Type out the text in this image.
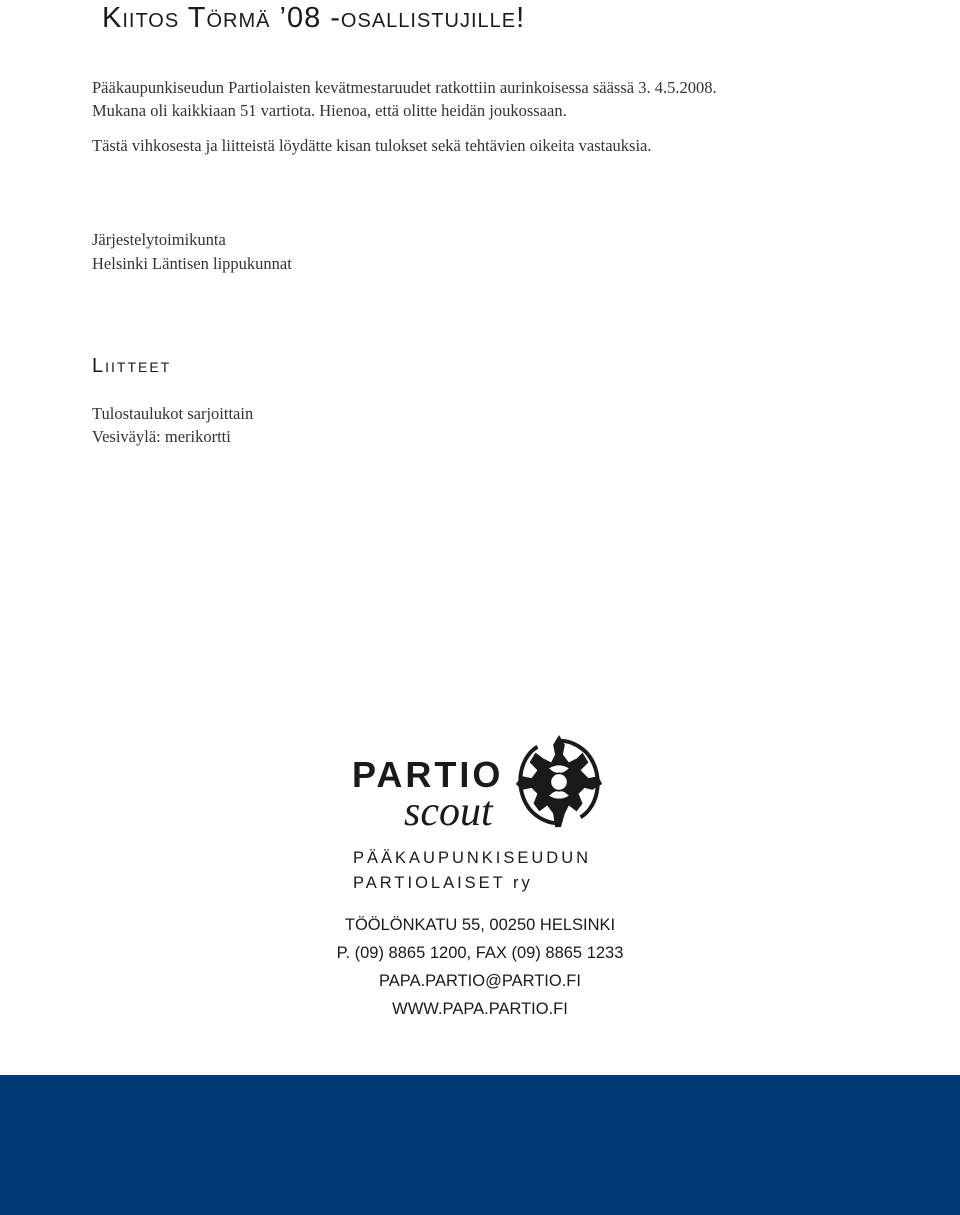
Kiitos Törmä ’08 -osallistujille!

Pääkaupunkiseudun Partiolaisten kevätmestaruudet ratkottiin aurinkoisessa säässä 3. 4.5.2008.
Mukana oli kaikkiaan 51 vartiota. Hienoa, että olitte heidän joukossaan.

Tästä vihkosesta ja liitteistä löydätte kisan tulokset sekä tehtävien oikeita vastauksia.

Järjestelytoimikunta
Helsinki Läntisen lippukunnat
Liitteet
Tulostaulukot sarjoittain
Vesiväylä: merikortti
PARTIO
scout
PÄÄKAUPUNKISEUDUN
PARTIOLAISET ry
TÖÖLÖNKATU 55, 00250 HELSINKI
P. (09) 8865 1200, FAX (09) 8865 1233
PAPA.PARTIO@PARTIO.FI
WWW.PAPA.PARTIO.FI
